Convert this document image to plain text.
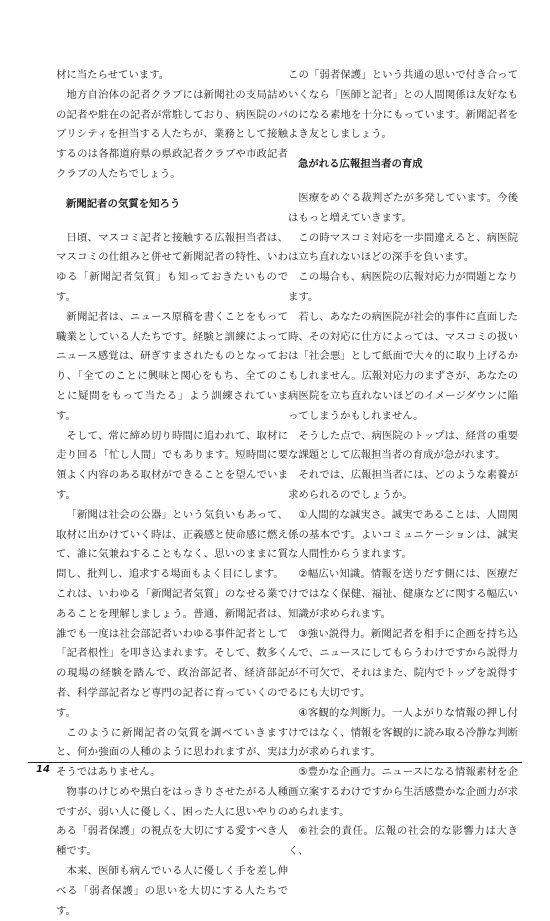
材に当たらせています。

地方自治体の記者クラブには新聞社の支局詰めの記者や駐在の記者が常駐しており、病医院のパブリシティを担当する人たちが、業務として接触するのは各都道府県の県政記者クラブや市政記者クラブの人たちでしょう。

新聞記者の気質を知ろう

日頃、マスコミ記者と接触する広報担当者は、マスコミの仕組みと併せて新聞記者の特性、いわゆる「新聞記者気質」も知っておきたいものです。

新聞記者は、ニュース原稿を書くことをもって職業としている人たちです。経験と訓練によってニュース感覚は、研ぎすまされたものとなっており、「全てのことに興味と関心をもち、全てのことに疑問をもって当たる」よう訓練されています。

そして、常に締め切り時間に追われて、取材に走り回る「忙し人間」でもあります。短時間に要領よく内容のある取材ができることを望んでいます。

「新聞は社会の公器」という気負いもあって、取材に出かけていく時は、正義感と使命感に燃えて、誰に気兼ねすることもなく、思いのままに質問し、批判し、追求する場面もよく目にします。

これは、いわゆる「新聞記者気質」のなせる業であることを理解しましょう。普通、新聞記者は、誰でも一度は社会部記者いわゆる事件記者として「記者根性」を叩き込まれます。そして、数多くの現場の経験を踏んで、政治部記者、経済部記者、科学部記者など専門の記者に育っていくのです。

このように新聞記者の気質を調べていきますと、何か強面の人種のように思われますが、実はそうではありません。

物事のけじめや黒白をはっきりさせたがる人種ですが、弱い人に優しく、困った人に思いやりのある「弱者保護」の視点を大切にする愛すべき人種です。

本来、医師も病んでいる人に優しく手を差し伸べる「弱者保護」の思いを大切にする人たちです。

この「弱者保護」という共通の思いで付き合っていくなら「医師と記者」との人間関係は友好なものになる素地を十分にもっています。新聞記者をよき友としましょう。

急がれる広報担当者の育成

医療をめぐる裁判ざたが多発しています。今後はもっと増えていきます。

この時マスコミ対応を一歩間違えると、病医院は立ち直れないほどの深手を負います。

この場合も、病医院の広報対応力が問題となります。

若し、あなたの病医院が社会的事件に直面した時、その対応に仕方によっては、マスコミの扱いは「社会悪」として紙面で大々的に取り上げるかもしれません。広報対応力のまずさが、あなたの病医院を立ち直れないほどのイメージダウンに陥ってしまうかもしれません。

そうした点で、病医院のトップは、経営の重要な課題として広報担当者の育成が急がれます。

それでは、広報担当者には、どのような素養が求められるのでしょうか。

①人間的な誠実さ。誠実であることは、人間関係の基本です。よいコミュニケーションは、誠実な人間性からうまれます。

②幅広い知識。情報を送りだす側には、医療だけではなく保健、福祉、健康などに関する幅広い知識が求められます。

③強い説得力。新聞記者を相手に企画を持ち込んで、ニュースにしてもらうわけですから説得力が不可欠で、それはまた、院内でトップを説得するにも大切です。

④客観的な判断力。一人よがりな情報の押し付けではなく、情報を客観的に読み取る冷静な判断力が求められます。

⑤豊かな企画力。ニュースになる情報素材を企画立案するわけですから生活感豊かな企画力が求められます。

⑥社会的責任。広報の社会的な影響力は大きく、

14
